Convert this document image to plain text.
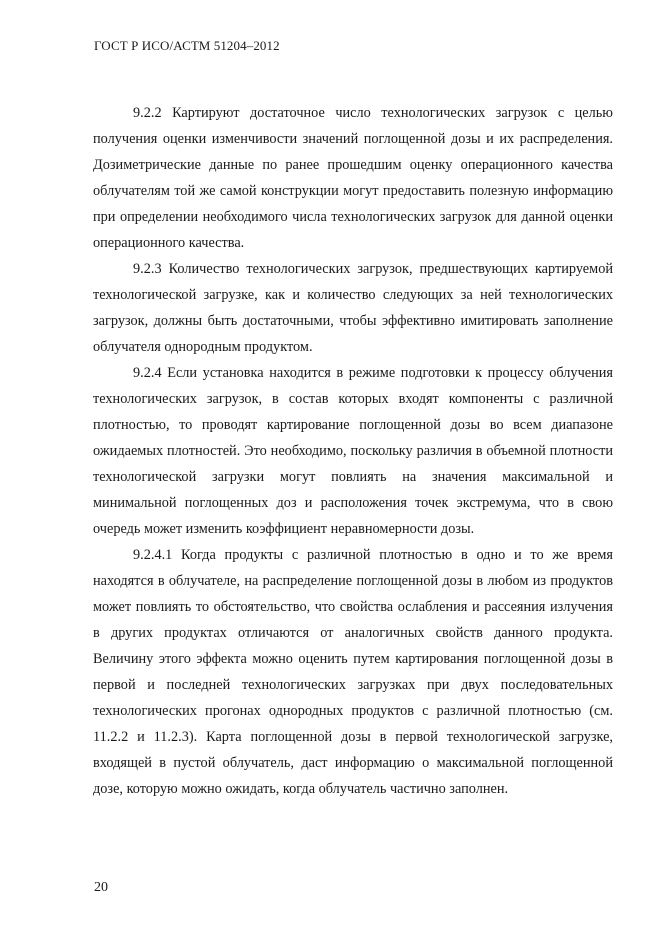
ГОСТ Р ИСО/АСТМ 51204–2012

9.2.2 Картируют достаточное число технологических загрузок с целью получения оценки изменчивости значений поглощенной дозы и их распределения. Дозиметрические данные по ранее прошедшим оценку операционного качества облучателям той же самой конструкции могут предоставить полезную информацию при определении необходимого числа технологических загрузок для данной оценки операционного качества.

9.2.3 Количество технологических загрузок, предшествующих картируемой технологической загрузке, как и количество следующих за ней технологических загрузок, должны быть достаточными, чтобы эффективно имитировать заполнение облучателя однородным продуктом.

9.2.4 Если установка находится в режиме подготовки к процессу облучения технологических загрузок, в состав которых входят компоненты с различной плотностью, то проводят картирование поглощенной дозы во всем диапазоне ожидаемых плотностей. Это необходимо, поскольку различия в объемной плотности технологической загрузки могут повлиять на значения максимальной и минимальной поглощенных доз и расположения точек экстремума, что в свою очередь может изменить коэффициент неравномерности дозы.

9.2.4.1 Когда продукты с различной плотностью в одно и то же время находятся в облучателе, на распределение поглощенной дозы в любом из продуктов может повлиять то обстоятельство, что свойства ослабления и рассеяния излучения в других продуктах отличаются от аналогичных свойств данного продукта. Величину этого эффекта можно оценить путем картирования поглощенной дозы в первой и последней технологических загрузках при двух последовательных технологических прогонах однородных продуктов с различной плотностью (см. 11.2.2 и 11.2.3). Карта поглощенной дозы в первой технологической загрузке, входящей в пустой облучатель, даст информацию о максимальной поглощенной дозе, которую можно ожидать, когда облучатель частично заполнен.

20
